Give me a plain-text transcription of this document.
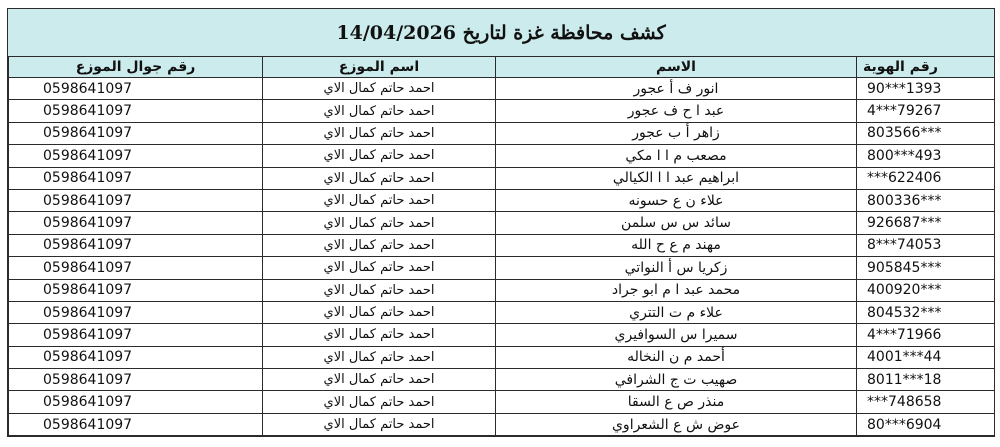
كشف محافظة غزة لتاريخ 14/04/2026
رقم الهوية	الاسم	اسم الموزع	رقم جوال الموزع
90***1393	انور ف أ عجور	احمد حاتم كمال الاي	0598641097
4***79267	عبد ا ح ف عجور	احمد حاتم كمال الاي	0598641097
803566***	زاهر أ ب عجور	احمد حاتم كمال الاي	0598641097
800***493	مصعب م ا ا مكي	احمد حاتم كمال الاي	0598641097
***622406	ابراهيم عبد ا ا الكيالي	احمد حاتم كمال الاي	0598641097
800336***	علاء ن ع حسونه	احمد حاتم كمال الاي	0598641097
926687***	سائد س س سلمن	احمد حاتم كمال الاي	0598641097
8***74053	مهند م ع ح الله	احمد حاتم كمال الاي	0598641097
905845***	زكريا س أ النواتي	احمد حاتم كمال الاي	0598641097
400920***	محمد عبد ا م ابو جراد	احمد حاتم كمال الاي	0598641097
804532***	علاء م ت التتري	احمد حاتم كمال الاي	0598641097
4***71966	سميرا س السوافيري	احمد حاتم كمال الاي	0598641097
4001***44	أحمد م ن النخاله	احمد حاتم كمال الاي	0598641097
8011***18	صهيب ت ج الشرافي	احمد حاتم كمال الاي	0598641097
***748658	منذر ص ع السقا	احمد حاتم كمال الاي	0598641097
80***6904	عوض ش ع الشعراوي	احمد حاتم كمال الاي	0598641097
